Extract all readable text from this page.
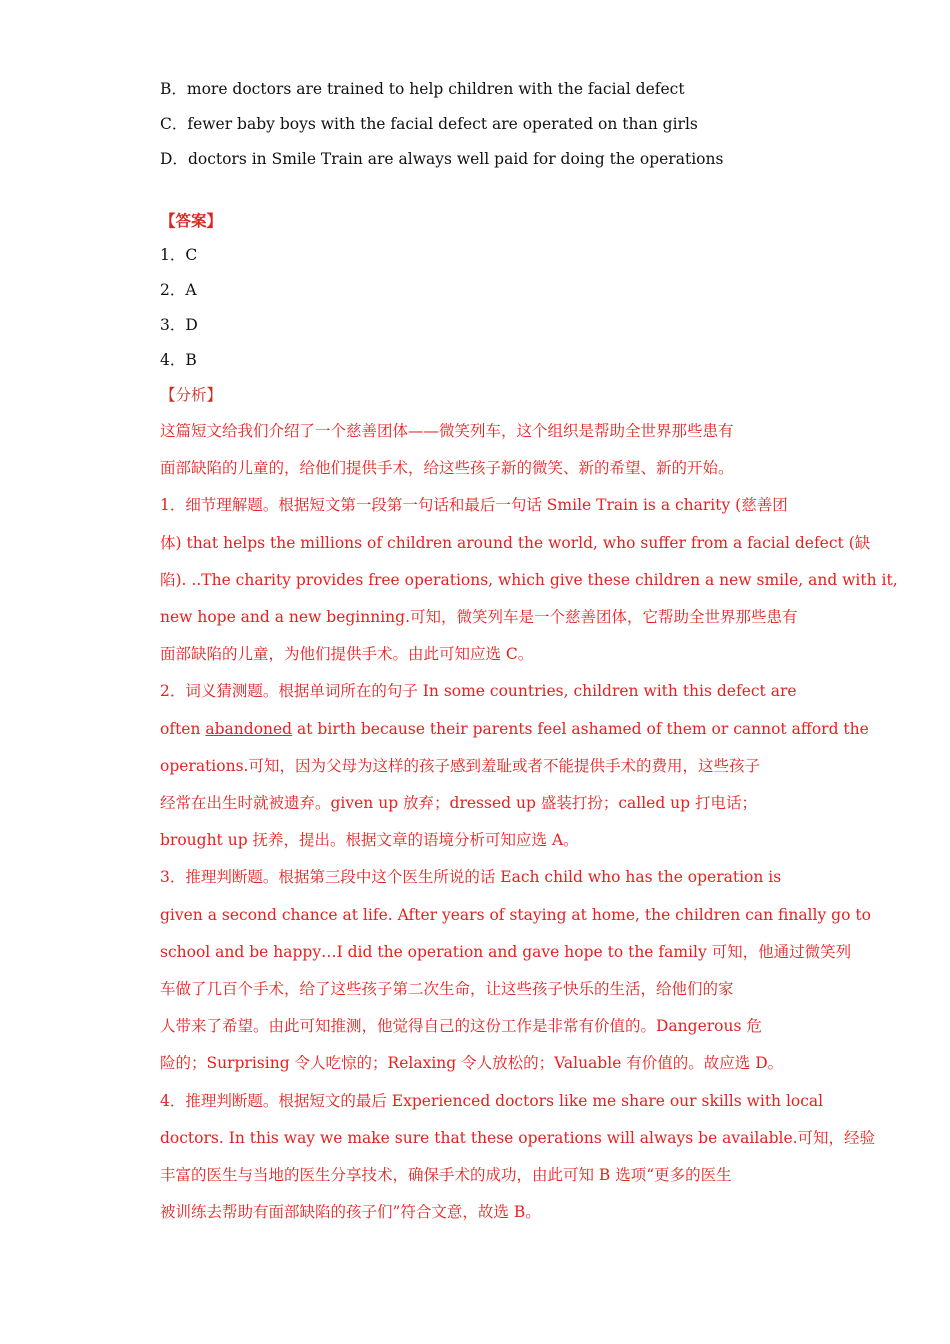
B．more doctors are trained to help children with the facial defect
C．fewer baby boys with the facial defect are operated on than girls
D．doctors in Smile Train are always well paid for doing the operations
【答案】
1．C
2．A
3．D
4．B
【分析】
这篇短文给我们介绍了一个慈善团体——微笑列车，这个组织是帮助全世界那些患有
面部缺陷的儿童的，给他们提供手术，给这些孩子新的微笑、新的希望、新的开始。
1．细节理解题。根据短文第一段第一句话和最后一句话 Smile Train is a charity (慈善团
体) that helps the millions of children around the world, who suffer from a facial defect (缺
陷). ..The charity provides free operations, which give these children a new smile, and with it,
new hope and a new beginning.可知，微笑列车是一个慈善团体，它帮助全世界那些患有
面部缺陷的儿童，为他们提供手术。由此可知应选 C。
2．词义猜测题。根据单词所在的句子 In some countries, children with this defect are
often abandoned at birth because their parents feel ashamed of them or cannot afford the
operations.可知，因为父母为这样的孩子感到羞耻或者不能提供手术的费用，这些孩子
经常在出生时就被遗弃。given up 放弃；dressed up 盛装打扮；called up 打电话；
brought up 抚养，提出。根据文章的语境分析可知应选 A。
3．推理判断题。根据第三段中这个医生所说的话 Each child who has the operation is
given a second chance at life. After years of staying at home, the children can finally go to
school and be happy…I did the operation and gave hope to the family 可知，他通过微笑列
车做了几百个手术，给了这些孩子第二次生命，让这些孩子快乐的生活，给他们的家
人带来了希望。由此可知推测，他觉得自己的这份工作是非常有价值的。Dangerous 危
险的；Surprising 令人吃惊的；Relaxing 令人放松的；Valuable 有价值的。故应选 D。
4．推理判断题。根据短文的最后 Experienced doctors like me share our skills with local
doctors. In this way we make sure that these operations will always be available.可知，经验
丰富的医生与当地的医生分享技术，确保手术的成功，由此可知 B 选项“更多的医生
被训练去帮助有面部缺陷的孩子们”符合文意，故选 B。
